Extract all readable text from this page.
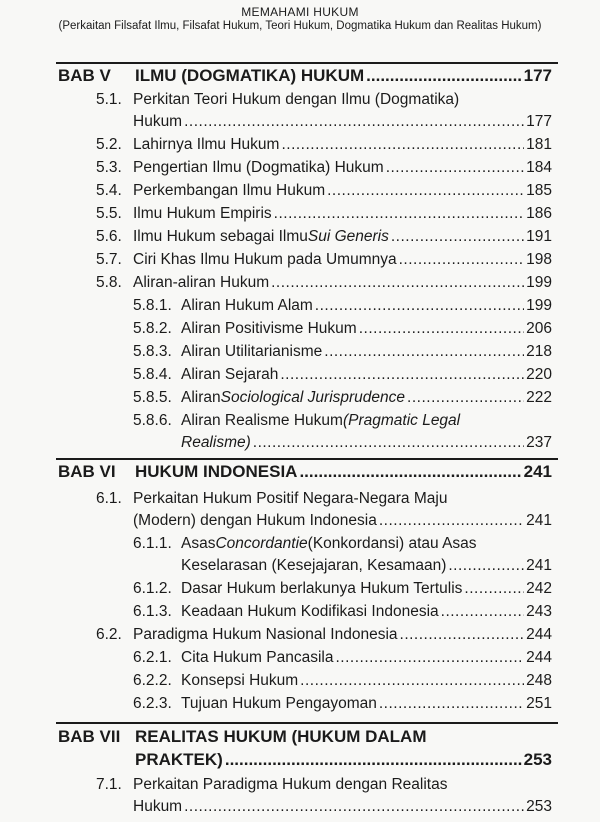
MEMAHAMI HUKUM
(Perkaitan Filsafat Ilmu, Filsafat Hukum, Teori Hukum, Dogmatika Hukum dan Realitas Hukum)
BAB V	ILMU (DOGMATIKA) HUKUM .....	177
5.1. Perkitan Teori Hukum dengan Ilmu (Dogmatika)
Hukum .....	177
5.2. Lahirnya Ilmu Hukum .....	181
5.3. Pengertian Ilmu (Dogmatika) Hukum .....	184
5.4. Perkembangan Ilmu Hukum .....	185
5.5. Ilmu Hukum Empiris .....	186
5.6. Ilmu Hukum sebagai Ilmu Sui Generis .....	191
5.7. Ciri Khas Ilmu Hukum pada Umumnya .....	198
5.8. Aliran-aliran Hukum .....	199
5.8.1. Aliran Hukum Alam .....	199
5.8.2. Aliran Positivisme Hukum .....	206
5.8.3. Aliran Utilitarianisme .....	218
5.8.4. Aliran Sejarah .....	220
5.8.5. Aliran Sociological Jurisprudence .....	222
5.8.6. Aliran Realisme Hukum (Pragmatic Legal
Realisme) .....	237
BAB VI	HUKUM INDONESIA .....	241
6.1. Perkaitan Hukum Positif Negara-Negara Maju
(Modern) dengan Hukum Indonesia .....	241
6.1.1. Asas Concordantie (Konkordansi) atau Asas
Keselarasan (Kesejajaran, Kesamaan) .....	241
6.1.2. Dasar Hukum berlakunya Hukum Tertulis .....	242
6.1.3. Keadaan Hukum Kodifikasi Indonesia .....	243
6.2. Paradigma Hukum Nasional Indonesia .....	244
6.2.1. Cita Hukum Pancasila .....	244
6.2.2. Konsepsi Hukum .....	248
6.2.3. Tujuan Hukum Pengayoman .....	251
BAB VII REALITAS HUKUM (HUKUM DALAM
PRAKTEK) .....	253
7.1. Perkaitan Paradigma Hukum dengan Realitas
Hukum .....	253
